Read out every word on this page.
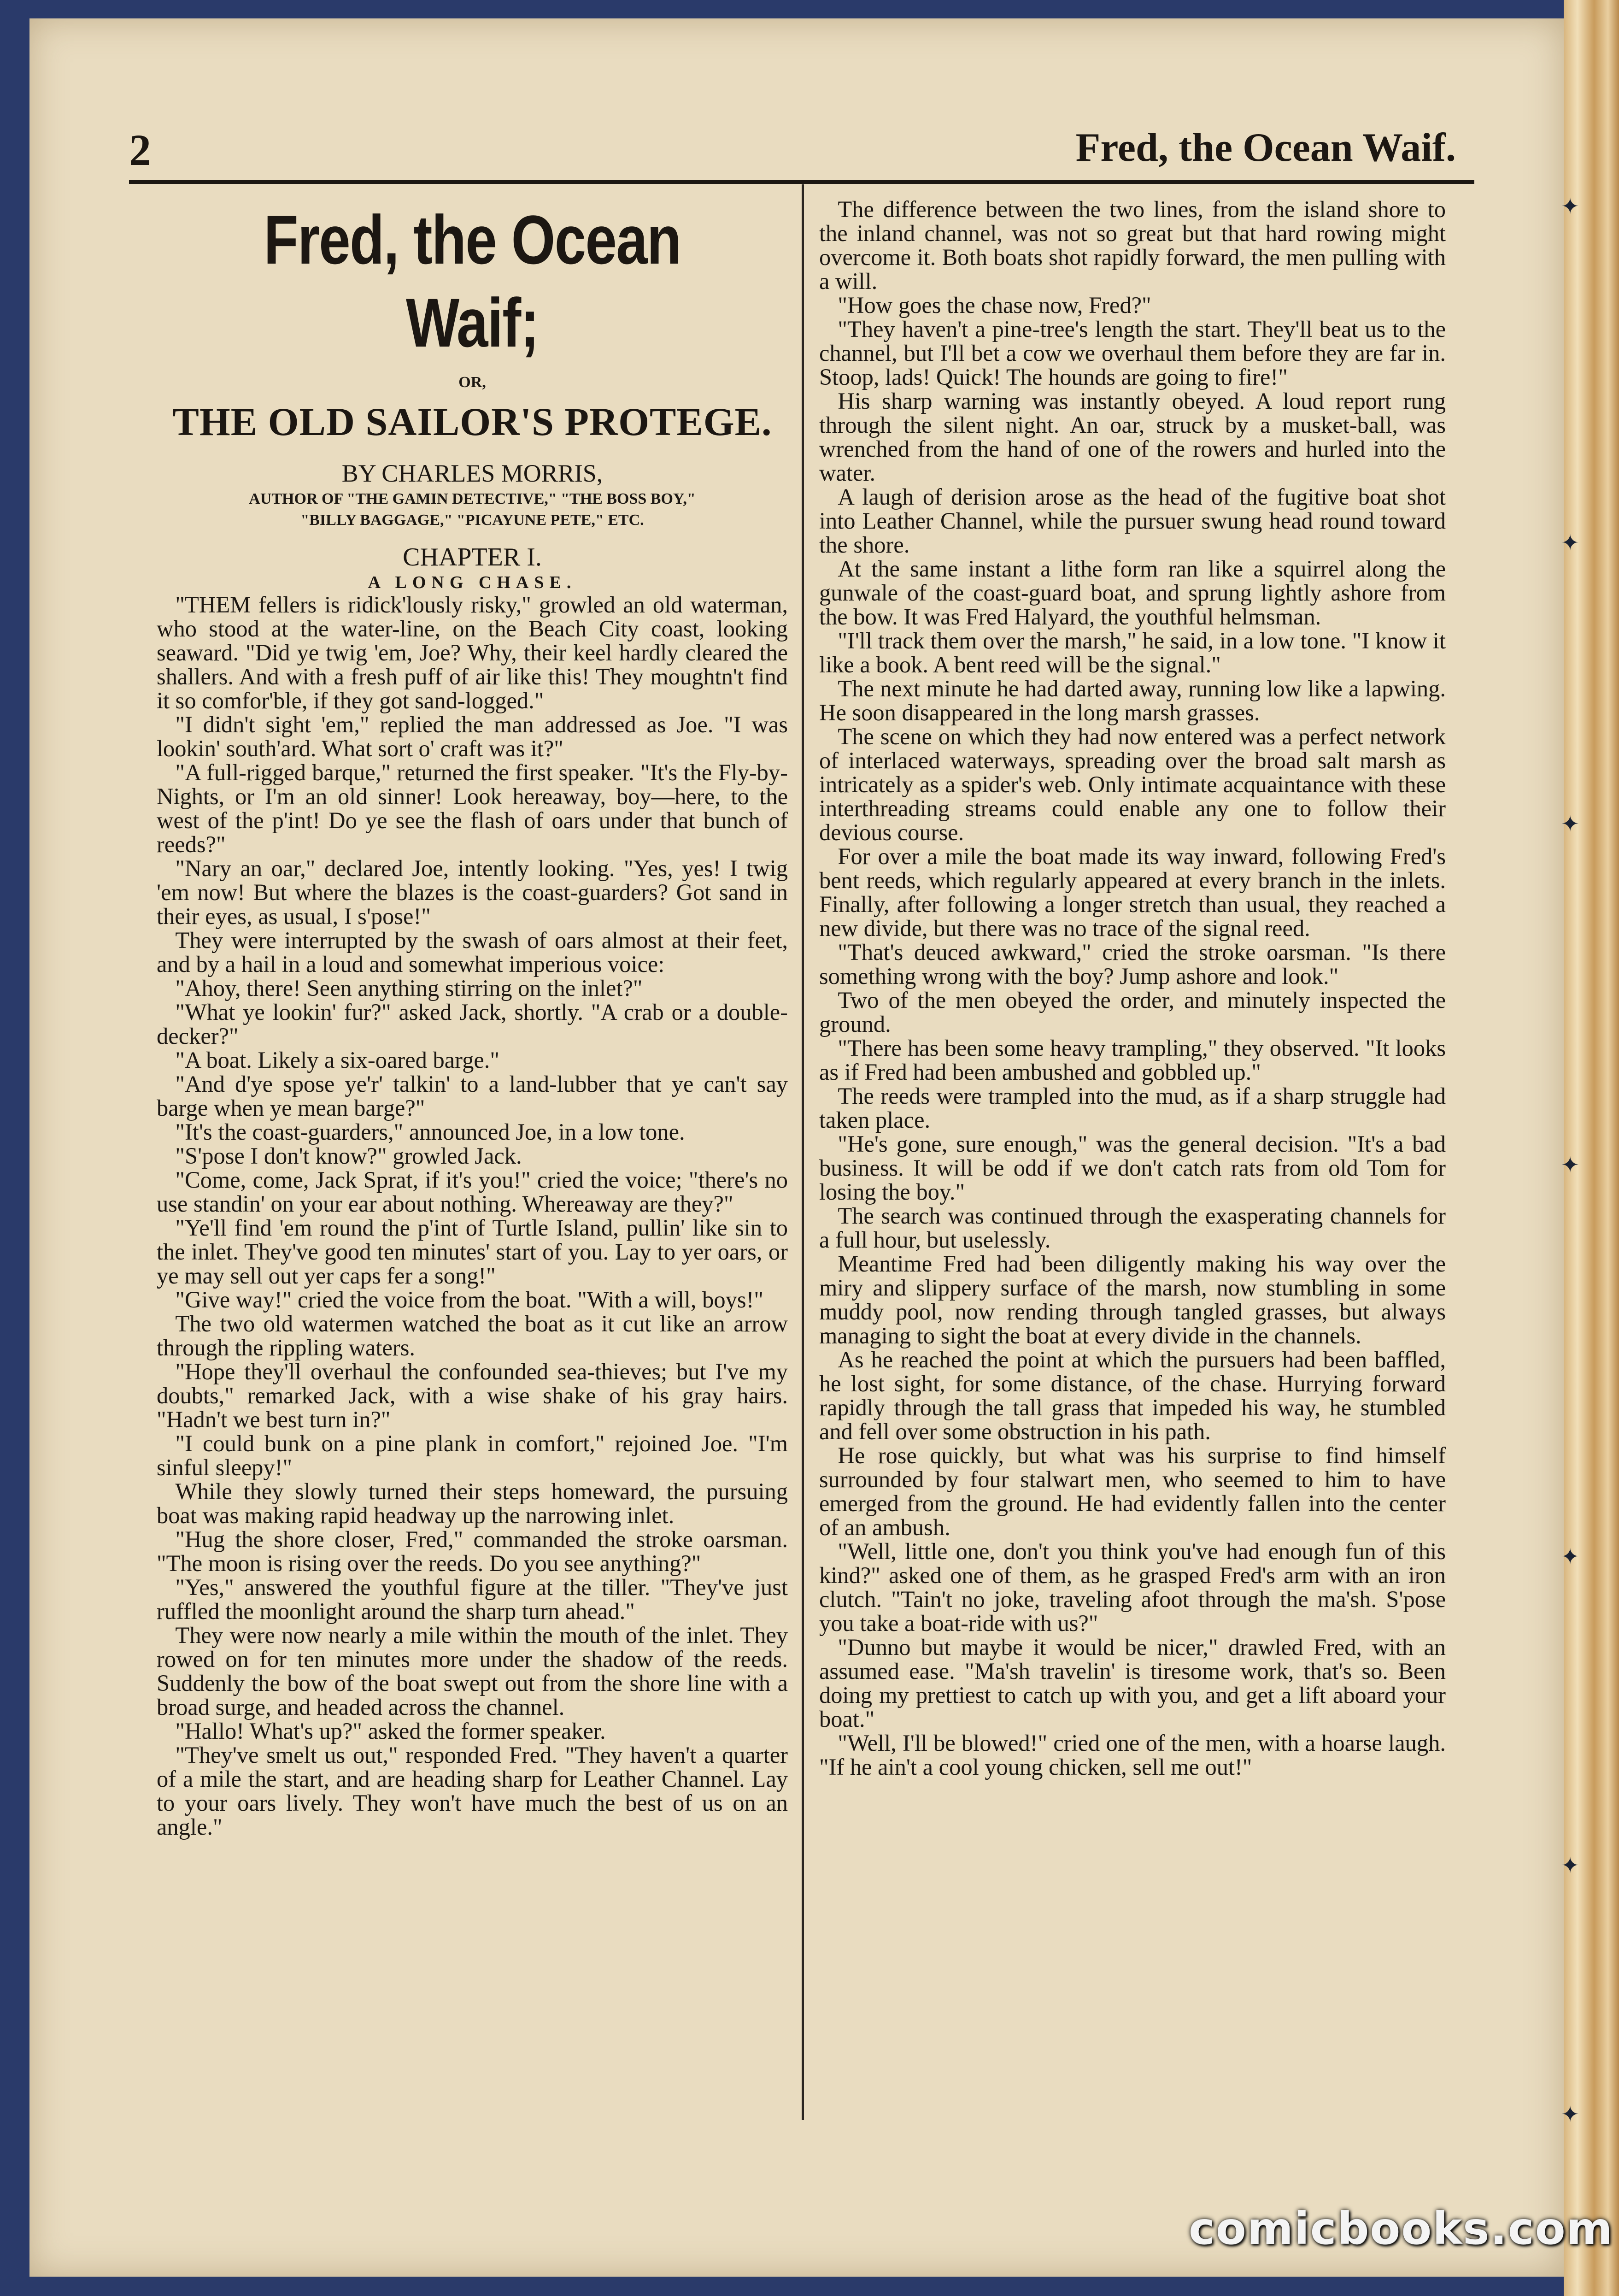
✦
✦
✦
✦
✦
✦
✦
2	Fred, the Ocean Waif.
Fred, the Ocean Waif;
OR,
THE OLD SAILOR'S PROTEGE.
BY CHARLES MORRIS,
AUTHOR OF "THE GAMIN DETECTIVE," "THE BOSS BOY,"
"BILLY BAGGAGE," "PICAYUNE PETE," ETC.
CHAPTER I.
A LONG CHASE.

"THEM fellers is ridick'lously risky," growled an old waterman, who stood at the water-line, on the Beach City coast, looking seaward. "Did ye twig 'em, Joe? Why, their keel hardly cleared the shallers. And with a fresh puff of air like this! They moughtn't find it so comfor'ble, if they got sand-logged."

"I didn't sight 'em," replied the man addressed as Joe. "I was lookin' south'ard. What sort o' craft was it?"

"A full-rigged barque," returned the first speaker. "It's the Fly-by-Nights, or I'm an old sinner! Look hereaway, boy—here, to the west of the p'int! Do ye see the flash of oars under that bunch of reeds?"

"Nary an oar," declared Joe, intently looking. "Yes, yes! I twig 'em now! But where the blazes is the coast-guarders? Got sand in their eyes, as usual, I s'pose!"

They were interrupted by the swash of oars almost at their feet, and by a hail in a loud and somewhat imperious voice:

"Ahoy, there! Seen anything stirring on the inlet?"

"What ye lookin' fur?" asked Jack, shortly. "A crab or a double-decker?"

"A boat. Likely a six-oared barge."

"And d'ye spose ye'r' talkin' to a land-lubber that ye can't say barge when ye mean barge?"

"It's the coast-guarders," announced Joe, in a low tone.

"S'pose I don't know?" growled Jack.

"Come, come, Jack Sprat, if it's you!" cried the voice; "there's no use standin' on your ear about nothing. Whereaway are they?"

"Ye'll find 'em round the p'int of Turtle Island, pullin' like sin to the inlet. They've good ten minutes' start of you. Lay to yer oars, or ye may sell out yer caps fer a song!"

"Give way!" cried the voice from the boat. "With a will, boys!"

The two old watermen watched the boat as it cut like an arrow through the rippling waters.

"Hope they'll overhaul the confounded sea-thieves; but I've my doubts," remarked Jack, with a wise shake of his gray hairs. "Hadn't we best turn in?"

"I could bunk on a pine plank in comfort," rejoined Joe. "I'm sinful sleepy!"

While they slowly turned their steps homeward, the pursuing boat was making rapid headway up the narrowing inlet.

"Hug the shore closer, Fred," commanded the stroke oarsman. "The moon is rising over the reeds. Do you see anything?"

"Yes," answered the youthful figure at the tiller. "They've just ruffled the moonlight around the sharp turn ahead."

They were now nearly a mile within the mouth of the inlet. They rowed on for ten minutes more under the shadow of the reeds. Suddenly the bow of the boat swept out from the shore line with a broad surge, and headed across the channel.

"Hallo! What's up?" asked the former speaker.

"They've smelt us out," responded Fred. "They haven't a quarter of a mile the start, and are heading sharp for Leather Channel. Lay to your oars lively. They won't have much the best of us on an angle."

The difference between the two lines, from the island shore to the inland channel, was not so great but that hard rowing might overcome it. Both boats shot rapidly forward, the men pulling with a will.

"How goes the chase now, Fred?"

"They haven't a pine-tree's length the start. They'll beat us to the channel, but I'll bet a cow we overhaul them before they are far in. Stoop, lads! Quick! The hounds are going to fire!"

His sharp warning was instantly obeyed. A loud report rung through the silent night. An oar, struck by a musket-ball, was wrenched from the hand of one of the rowers and hurled into the water.

A laugh of derision arose as the head of the fugitive boat shot into Leather Channel, while the pursuer swung head round toward the shore.

At the same instant a lithe form ran like a squirrel along the gunwale of the coast-guard boat, and sprung lightly ashore from the bow. It was Fred Halyard, the youthful helmsman.

"I'll track them over the marsh," he said, in a low tone. "I know it like a book. A bent reed will be the signal."

The next minute he had darted away, running low like a lapwing. He soon disappeared in the long marsh grasses.

The scene on which they had now entered was a perfect network of interlaced waterways, spreading over the broad salt marsh as intricately as a spider's web. Only intimate acquaintance with these interthreading streams could enable any one to follow their devious course.

For over a mile the boat made its way inward, following Fred's bent reeds, which regularly appeared at every branch in the inlets. Finally, after following a longer stretch than usual, they reached a new divide, but there was no trace of the signal reed.

"That's deuced awkward," cried the stroke oarsman. "Is there something wrong with the boy? Jump ashore and look."

Two of the men obeyed the order, and minutely inspected the ground.

"There has been some heavy trampling," they observed. "It looks as if Fred had been ambushed and gobbled up."

The reeds were trampled into the mud, as if a sharp struggle had taken place.

"He's gone, sure enough," was the general decision. "It's a bad business. It will be odd if we don't catch rats from old Tom for losing the boy."

The search was continued through the exasperating channels for a full hour, but uselessly.

Meantime Fred had been diligently making his way over the miry and slippery surface of the marsh, now stumbling in some muddy pool, now rending through tangled grasses, but always managing to sight the boat at every divide in the channels.

As he reached the point at which the pursuers had been baffled, he lost sight, for some distance, of the chase. Hurrying forward rapidly through the tall grass that impeded his way, he stumbled and fell over some obstruction in his path.

He rose quickly, but what was his surprise to find himself surrounded by four stalwart men, who seemed to him to have emerged from the ground. He had evidently fallen into the center of an ambush.

"Well, little one, don't you think you've had enough fun of this kind?" asked one of them, as he grasped Fred's arm with an iron clutch. "Tain't no joke, traveling afoot through the ma'sh. S'pose you take a boat-ride with us?"

"Dunno but maybe it would be nicer," drawled Fred, with an assumed ease. "Ma'sh travelin' is tiresome work, that's so. Been doing my prettiest to catch up with you, and get a lift aboard your boat."

"Well, I'll be blowed!" cried one of the men, with a hoarse laugh. "If he ain't a cool young chicken, sell me out!"

comicbooks.com
